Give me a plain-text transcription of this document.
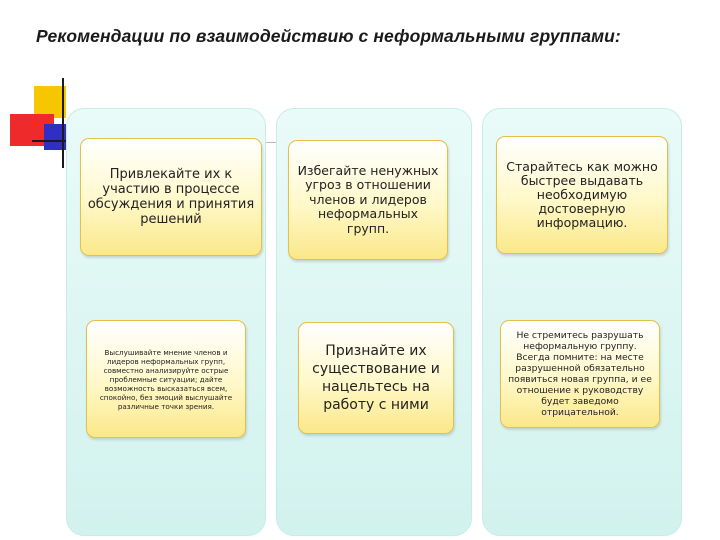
Рекомендации по взаимодействию с неформальными группами:
Привлекайте их к участию в процессе обсуждения и принятия решений
Избегайте ненужных угроз в отношении членов и лидеров неформальных групп.
Старайтесь как можно быстрее выдавать необходимую достоверную информацию.
Выслушивайте мнение членов и лидеров неформальных групп, совместно анализируйте острые проблемные ситуации; дайте возможность высказаться всем, спокойно, без эмоций выслушайте различные точки зрения.
Признайте их существование и нацельтесь на работу с ними
Не стремитесь разрушать неформальную группу. Всегда помните: на месте разрушенной обязательно появиться новая группа, и ее отношение к руководству будет заведомо отрицательной.
